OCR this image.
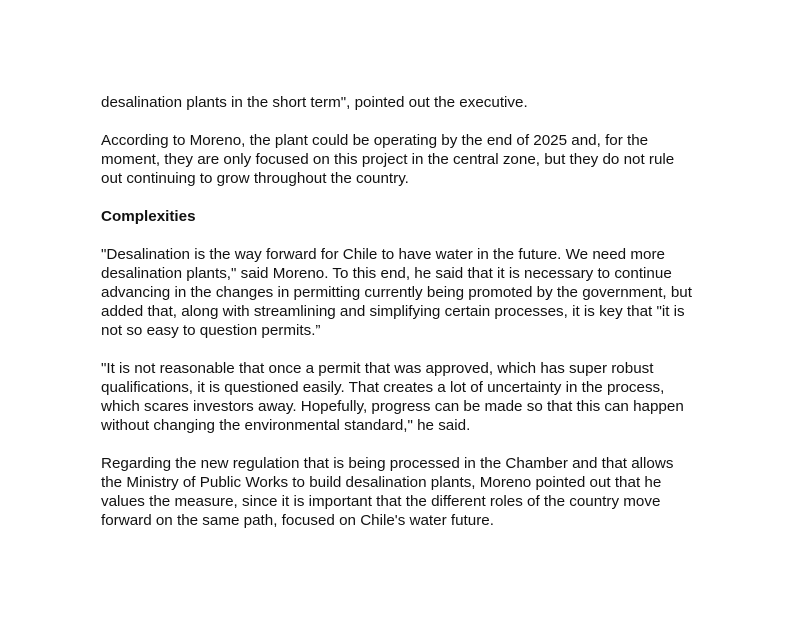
desalination plants in the short term", pointed out the executive.

According to Moreno, the plant could be operating by the end of 2025 and, for the
moment, they are only focused on this project in the central zone, but they do not rule
out continuing to grow throughout the country.

Complexities

"Desalination is the way forward for Chile to have water in the future. We need more
desalination plants," said Moreno. To this end, he said that it is necessary to continue
advancing in the changes in permitting currently being promoted by the government, but
added that, along with streamlining and simplifying certain processes, it is key that "it is
not so easy to question permits.”

"It is not reasonable that once a permit that was approved, which has super robust
qualifications, it is questioned easily. That creates a lot of uncertainty in the process,
which scares investors away. Hopefully, progress can be made so that this can happen
without changing the environmental standard," he said.

Regarding the new regulation that is being processed in the Chamber and that allows
the Ministry of Public Works to build desalination plants, Moreno pointed out that he
values the measure, since it is important that the different roles of the country move
forward on the same path, focused on Chile's water future.
